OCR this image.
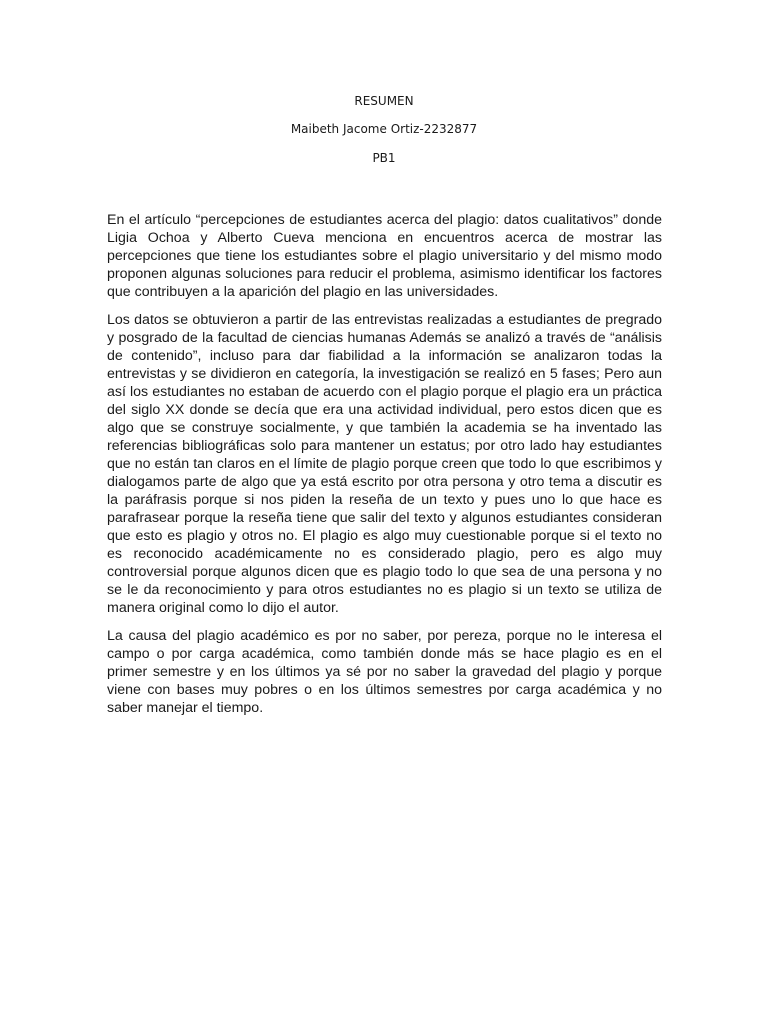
RESUMEN

Maibeth Jacome Ortiz-2232877

PB1

En el artículo “percepciones de estudiantes acerca del plagio: datos cualitativos” donde Ligia Ochoa y Alberto Cueva menciona en encuentros acerca de mostrar las percepciones que tiene los estudiantes sobre el plagio universitario y del mismo modo proponen algunas soluciones para reducir el problema, asimismo identificar los factores que contribuyen a la aparición del plagio en las universidades.

Los datos se obtuvieron a partir de las entrevistas realizadas a estudiantes de pregrado y posgrado de la facultad de ciencias humanas Además se analizó a través de “análisis de contenido”, incluso para dar fiabilidad a la información se analizaron todas la entrevistas y se dividieron en categoría, la investigación se realizó en 5 fases; Pero aun así los estudiantes no estaban de acuerdo con el plagio porque el plagio era un práctica del siglo XX donde se decía que era una actividad individual, pero estos dicen que es algo que se construye socialmente, y que también la academia se ha inventado las referencias bibliográficas solo para mantener un estatus; por otro lado hay estudiantes que no están tan claros en el límite de plagio porque creen que todo lo que escribimos y dialogamos parte de algo que ya está escrito por otra persona y otro tema a discutir es la paráfrasis porque si nos piden la reseña de un texto y pues uno lo que hace es parafrasear porque la reseña tiene que salir del texto y algunos estudiantes consideran que esto es plagio y otros no. El plagio es algo muy cuestionable porque si el texto no es reconocido académicamente no es considerado plagio, pero es algo muy controversial porque algunos dicen que es plagio todo lo que sea de una persona y no se le da reconocimiento y para otros estudiantes no es plagio si un texto se utiliza de manera original como lo dijo el autor.

La causa del plagio académico es por no saber, por pereza, porque no le interesa el campo o por carga académica, como también donde más se hace plagio es en el primer semestre y en los últimos ya sé por no saber la gravedad del plagio y porque viene con bases muy pobres o en los últimos semestres por carga académica y no saber manejar el tiempo.
